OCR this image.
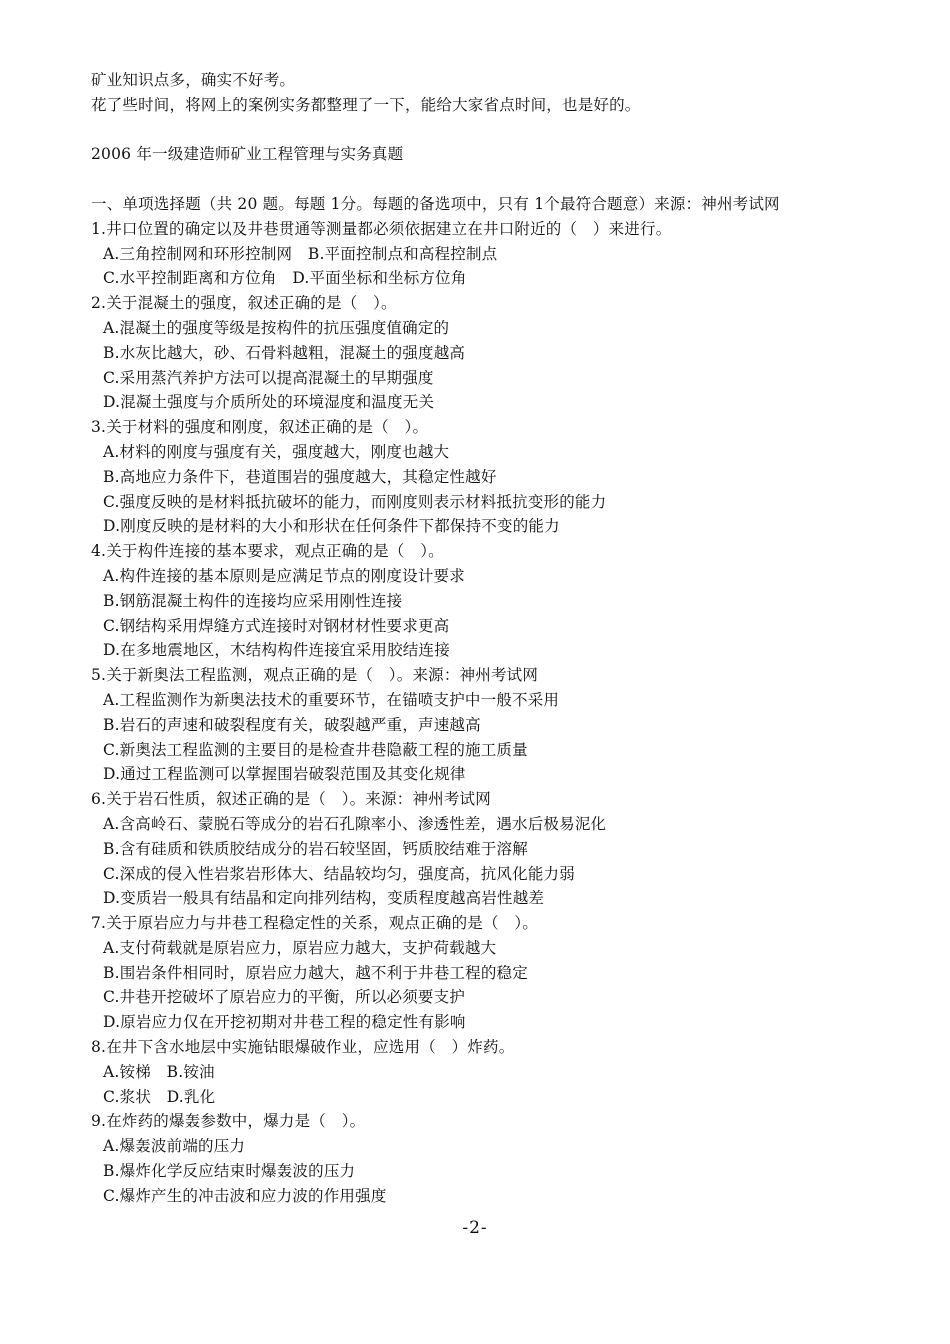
矿业知识点多，确实不好考。
花了些时间，将网上的案例实务都整理了一下，能给大家省点时间，也是好的。
2006 年一级建造师矿业工程管理与实务真题
一、单项选择题（共 20 题。每题 1分。每题的备选项中，只有 1个最符合题意）来源：神州考试网
1.井口位置的确定以及井巷贯通等测量都必须依据建立在井口附近的（　）来进行。
A.三角控制网和环形控制网　B.平面控制点和高程控制点
C.水平控制距离和方位角　D.平面坐标和坐标方位角
2.关于混凝土的强度，叙述正确的是（　）。
A.混凝土的强度等级是按构件的抗压强度值确定的
B.水灰比越大，砂、石骨料越粗，混凝土的强度越高
C.采用蒸汽养护方法可以提高混凝土的早期强度
D.混凝土强度与介质所处的环境湿度和温度无关
3.关于材料的强度和刚度，叙述正确的是（　）。
A.材料的刚度与强度有关，强度越大，刚度也越大
B.高地应力条件下，巷道围岩的强度越大，其稳定性越好
C.强度反映的是材料抵抗破坏的能力，而刚度则表示材料抵抗变形的能力
D.刚度反映的是材料的大小和形状在任何条件下都保持不变的能力
4.关于构件连接的基本要求，观点正确的是（　）。
A.构件连接的基本原则是应满足节点的刚度设计要求
B.钢筋混凝土构件的连接均应采用刚性连接
C.钢结构采用焊缝方式连接时对钢材材性要求更高
D.在多地震地区，木结构构件连接宜采用胶结连接
5.关于新奥法工程监测，观点正确的是（　）。来源：神州考试网
A.工程监测作为新奥法技术的重要环节，在锚喷支护中一般不采用
B.岩石的声速和破裂程度有关，破裂越严重，声速越高
C.新奥法工程监测的主要目的是检查井巷隐蔽工程的施工质量
D.通过工程监测可以掌握围岩破裂范围及其变化规律
6.关于岩石性质，叙述正确的是（　）。来源：神州考试网
A.含高岭石、蒙脱石等成分的岩石孔隙率小、渗透性差，遇水后极易泥化
B.含有硅质和铁质胶结成分的岩石较坚固，钙质胶结难于溶解
C.深成的侵入性岩浆岩形体大、结晶较均匀，强度高，抗风化能力弱
D.变质岩一般具有结晶和定向排列结构，变质程度越高岩性越差
7.关于原岩应力与井巷工程稳定性的关系，观点正确的是（　）。
A.支付荷载就是原岩应力，原岩应力越大，支护荷载越大
B.围岩条件相同时，原岩应力越大，越不利于井巷工程的稳定
C.井巷开挖破坏了原岩应力的平衡，所以必须要支护
D.原岩应力仅在开挖初期对井巷工程的稳定性有影响
8.在井下含水地层中实施钻眼爆破作业，应选用（　）炸药。
A.铵梯　B.铵油
C.浆状　D.乳化
9.在炸药的爆轰参数中，爆力是（　）。
A.爆轰波前端的压力
B.爆炸化学反应结束时爆轰波的压力
C.爆炸产生的冲击波和应力波的作用强度
-2-
